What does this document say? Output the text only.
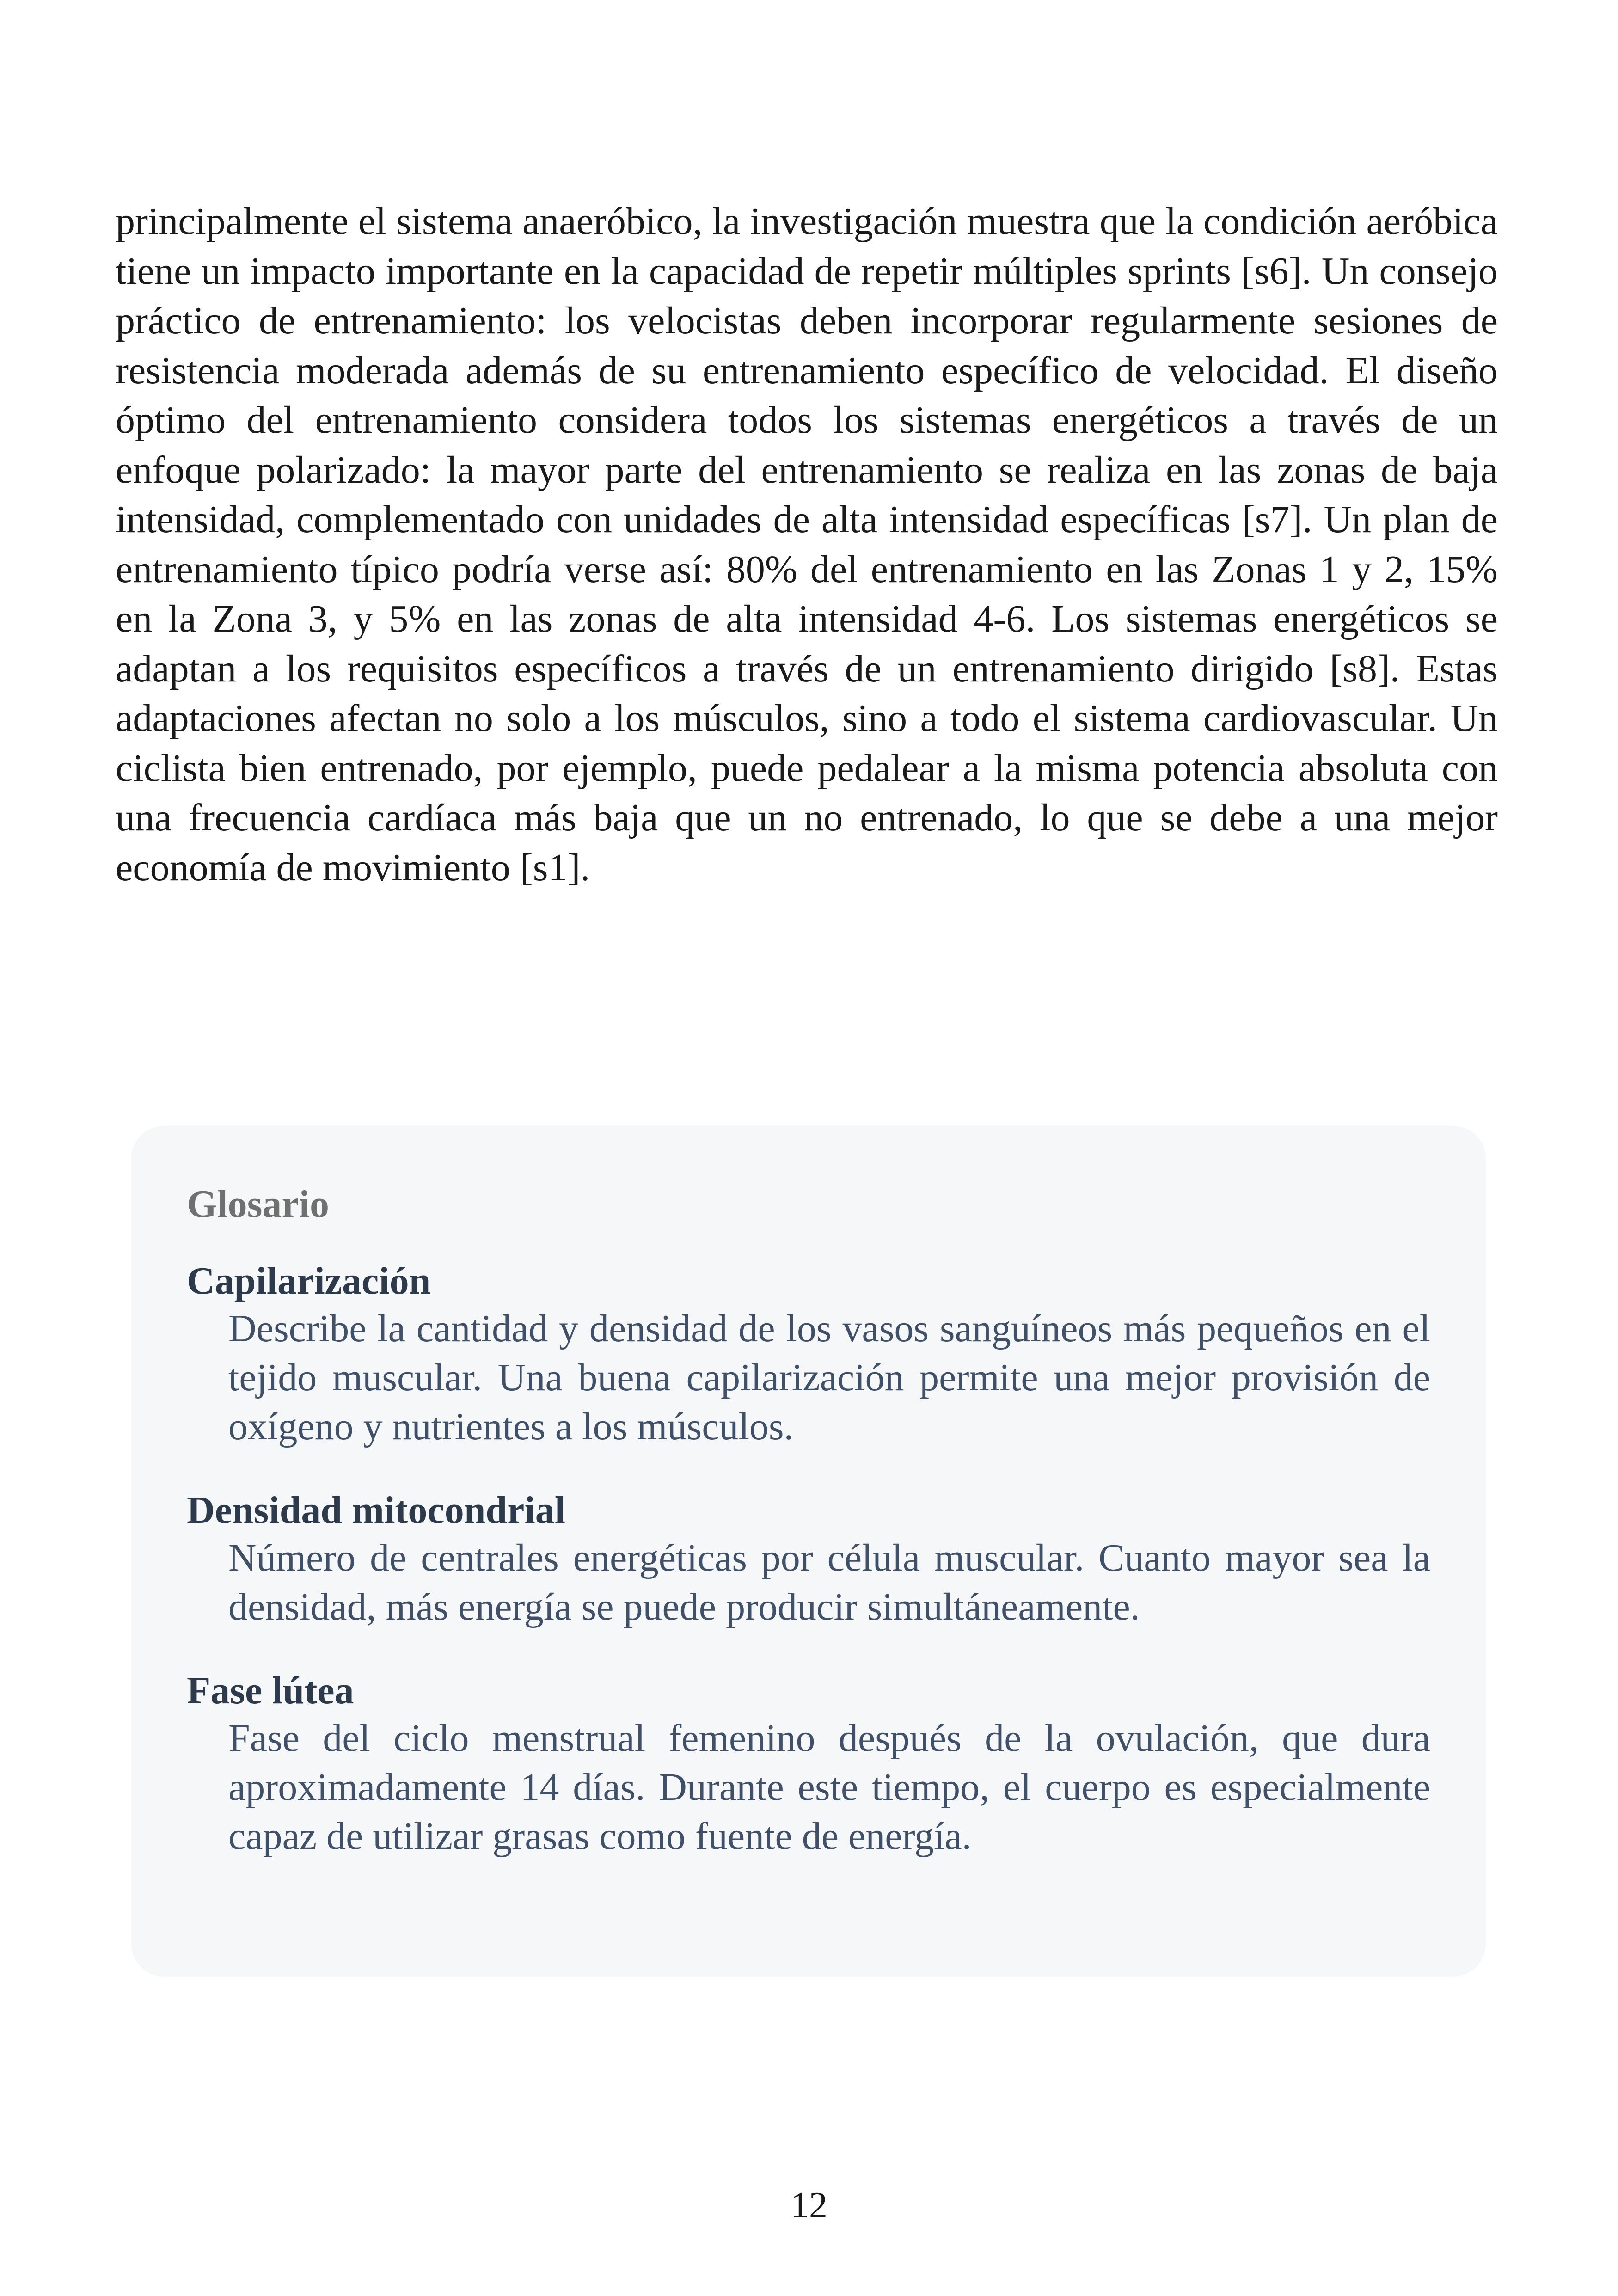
principalmente el sistema anaeróbico, la investigación muestra que la condición aeróbica tiene un impacto importante en la capacidad de repetir múltiples sprints [s6]. Un consejo práctico de entrenamiento: los velocistas deben incorporar regularmente sesiones de resistencia moderada además de su entrenamiento específico de velocidad. El diseño óptimo del entrenamiento considera todos los sistemas energéticos a través de un enfoque polarizado: la mayor parte del entrenamiento se realiza en las zonas de baja intensidad, complementado con unidades de alta intensidad específicas [s7]. Un plan de entrenamiento típico podría verse así: 80% del entrenamiento en las Zonas 1 y 2, 15% en la Zona 3, y 5% en las zonas de alta intensidad 4-6. Los sistemas energéticos se adaptan a los requisitos específicos a través de un entrenamiento dirigido [s8]. Estas adaptaciones afectan no solo a los músculos, sino a todo el sistema cardiovascular. Un ciclista bien entrenado, por ejemplo, puede pedalear a la misma potencia absoluta con una frecuencia cardíaca más baja que un no entrenado, lo que se debe a una mejor economía de movimiento [s1].

Glosario

Capilarización

Describe la cantidad y densidad de los vasos sanguíneos más pequeños en el tejido muscular. Una buena capilarización permite una mejor provisión de oxígeno y nutrientes a los músculos.

Densidad mitocondrial

Número de centrales energéticas por célula muscular. Cuanto mayor sea la densidad, más energía se puede producir simultáneamente.

Fase lútea

Fase del ciclo menstrual femenino después de la ovulación, que dura aproximadamente 14 días. Durante este tiempo, el cuerpo es especialmente capaz de utilizar grasas como fuente de energía.

12
